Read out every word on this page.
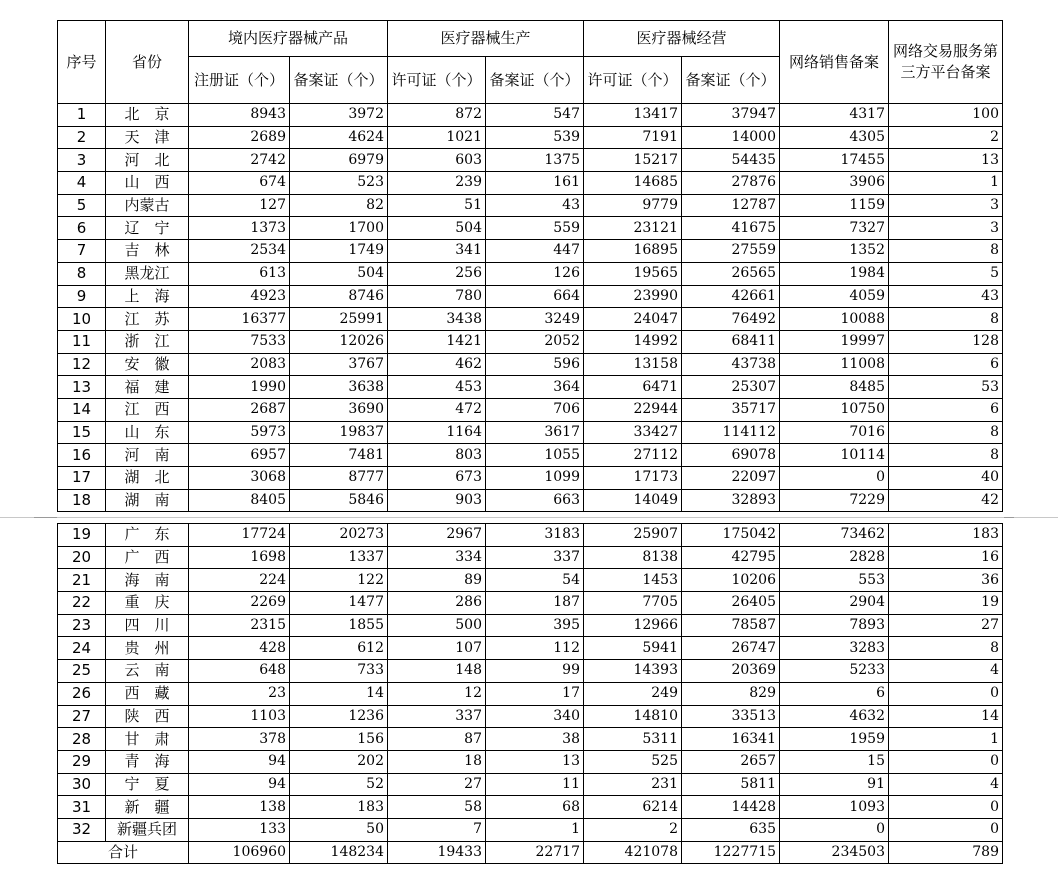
序号	省份	境内医疗器械产品		医疗器械生产		医疗器械经营		网络销售备案	网络交易服务第三方平台备案
		注册证（个）	备案证（个）	许可证（个）	备案证（个）	许可证（个）	备案证（个）		
1	北　京	8943	3972	872	547	13417	37947	4317	100
2	天　津	2689	4624	1021	539	7191	14000	4305	2
3	河　北	2742	6979	603	1375	15217	54435	17455	13
4	山　西	674	523	239	161	14685	27876	3906	1
5	内蒙古	127	82	51	43	9779	12787	1159	3
6	辽　宁	1373	1700	504	559	23121	41675	7327	3
7	吉　林	2534	1749	341	447	16895	27559	1352	8
8	黑龙江	613	504	256	126	19565	26565	1984	5
9	上　海	4923	8746	780	664	23990	42661	4059	43
10	江　苏	16377	25991	3438	3249	24047	76492	10088	8
11	浙　江	7533	12026	1421	2052	14992	68411	19997	128
12	安　徽	2083	3767	462	596	13158	43738	11008	6
13	福　建	1990	3638	453	364	6471	25307	8485	53
14	江　西	2687	3690	472	706	22944	35717	10750	6
15	山　东	5973	19837	1164	3617	33427	114112	7016	8
16	河　南	6957	7481	803	1055	27112	69078	10114	8
17	湖　北	3068	8777	673	1099	17173	22097	0	40
18	湖　南	8405	5846	903	663	14049	32893	7229	42
19	广　东	17724	20273	2967	3183	25907	175042	73462	183
20	广　西	1698	1337	334	337	8138	42795	2828	16
21	海　南	224	122	89	54	1453	10206	553	36
22	重　庆	2269	1477	286	187	7705	26405	2904	19
23	四　川	2315	1855	500	395	12966	78587	7893	27
24	贵　州	428	612	107	112	5941	26747	3283	8
25	云　南	648	733	148	99	14393	20369	5233	4
26	西　藏	23	14	12	17	249	829	6	0
27	陕　西	1103	1236	337	340	14810	33513	4632	14
28	甘　肃	378	156	87	38	5311	16341	1959	1
29	青　海	94	202	18	13	525	2657	15	0
30	宁　夏	94	52	27	11	231	5811	91	4
31	新　疆	138	183	58	68	6214	14428	1093	0
32	新疆兵团	133	50	7	1	2	635	0	0
合计		106960	148234	19433	22717	421078	1227715	234503	789
